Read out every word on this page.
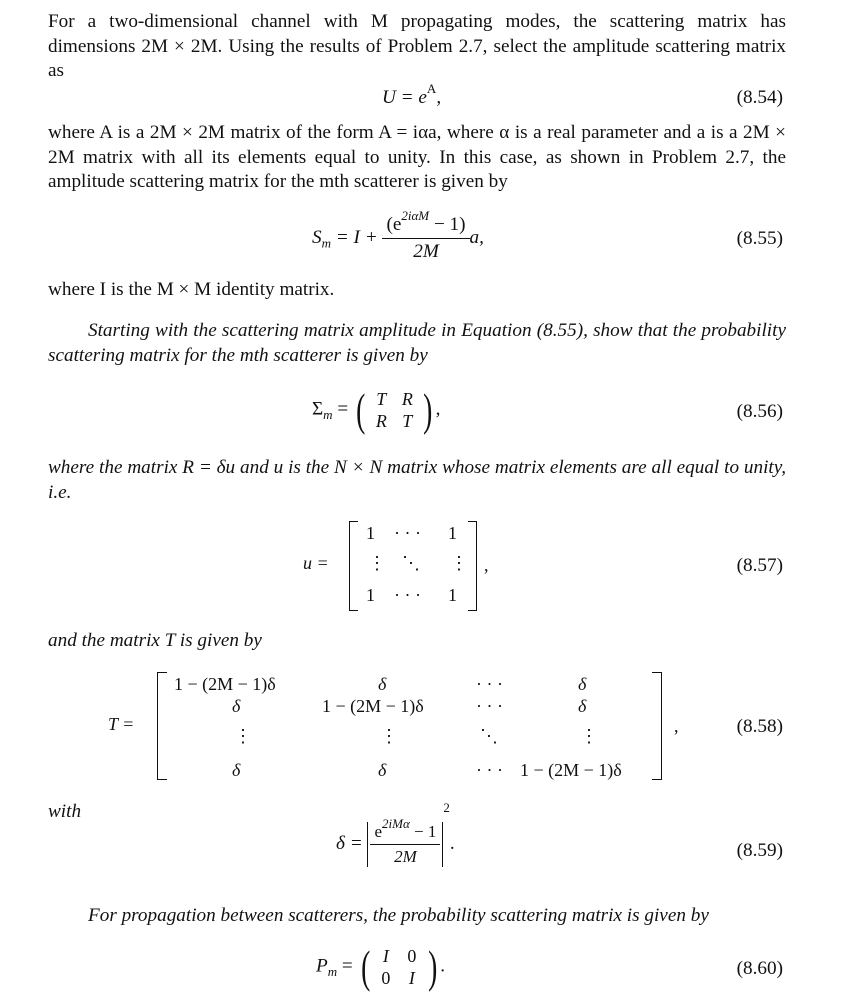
For a two-dimensional channel with M propagating modes, the scattering matrix has dimensions 2M × 2M. Using the results of Problem 2.7, select the amplitude scattering matrix as
$U = e^A$,	(8.54)
where A is a 2M × 2M matrix of the form A = iαa, where α is a real parameter and a is a 2M × 2M matrix with all its elements equal to unity. In this case, as shown in Problem 2.7, the amplitude scattering matrix for the mth scatterer is given by
$S_m = I + \frac{(e^{2i\alpha M} - 1)}{2M} a$,	(8.55)
where I is the M × M identity matrix.
Starting with the scattering matrix amplitude in Equation (8.55), show that the probability scattering matrix for the mth scatterer is given by
$\Sigma_m$ = ( T R
R T ) ,	(8.56)
where the matrix R = δu and u is the N × N matrix whose matrix elements are all equal to unity, i.e.
u =
1 · · · 1
⋮ ⋱ ⋮
1 · · · 1
,	(8.57)
and the matrix T is given by
T =
1 − (2M − 1)δ	δ	· · ·	δ
δ	1 − (2M − 1)δ	· · ·	δ
⋮	⋮	⋱	⋮
δ	δ	· · · 1 − (2M − 1)δ
,	(8.58)
with
$\delta = \frac{e^{2iM\alpha} - 1}{2M}$
$^2$.	(8.59)
For propagation between scatterers, the probability scattering matrix is given by
$P_m$ = ( I 0
0 I ) .	(8.60)
